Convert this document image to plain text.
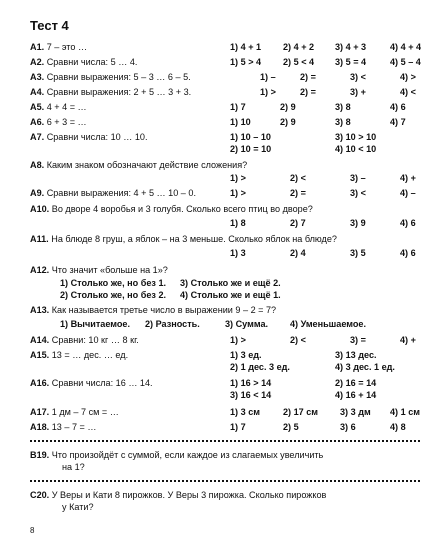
Тест 4
А1. 7 – это …	1) 4 + 1 2) 4 + 2 3) 4 + 3	4) 4 + 4
А2. Сравни числа: 5 … 4.	1) 5 > 4 2) 5 < 4 3) 5 = 4	4) 5 – 4
А3. Сравни выражения: 5 – 3 … 6 – 5.	1) –	2) =	3) <	4) >
А4. Сравни выражения: 2 + 5 … 3 + 3.	1) >	2) =	3) +	4) <
А5. 4 + 4 = …	1) 7	2) 9	3) 8	4) 6
А6. 6 + 3 = …	1) 10	2) 9	3) 8	4) 7
А7. Сравни числа: 10 … 10.	1) 10 – 10	3) 10 > 10
2) 10 = 10	4) 10 < 10
А8. Каким знаком обозначают действие сложения?
1) >	2) <	3) –	4) +
А9. Сравни выражения: 4 + 5 … 10 – 0.	1) >	2) =	3) <	4) –
А10. Во дворе 4 воробья и 3 голубя. Сколько всего птиц во дворе?
1) 8	2) 7	3) 9	4) 6
А11. На блюде 8 груш, а яблок – на 3 меньше. Сколько яблок на блюде?
1) 3	2) 4	3) 5	4) 6
А12. Что значит «больше на 1»?
1) Столько же, но без 1. 3) Столько же и ещё 2.
2) Столько же, но без 2. 4) Столько же и ещё 1.
А13. Как называется третье число в выражении 9 – 2 = 7?
1) Вычитаемое. 2) Разность.	3) Сумма. 4) Уменьшаемое.
А14. Сравни: 10 кг … 8 кг.	1) >	2) <	3) =	4) +
А15. 13 = … дес. … ед.	1) 3 ед.	3) 13 дес.
2) 1 дес. 3 ед.	4) 3 дес. 1 ед.
А16. Сравни числа: 16 … 14.	1) 16 > 14	2) 16 = 14
3) 16 < 14	4) 16 + 14
А17. 1 дм – 7 см = …	1) 3 см	2) 17 см 3) 3 дм 4) 1 см
А18. 13 – 7 = …	1) 7	2) 5	3) 6	4) 8
В19. Что произойдёт с суммой, если каждое из слагаемых увеличить
на 1?
С20. У Веры и Кати 8 пирожков. У Веры 3 пирожка. Сколько пирожков
у Кати?
8
